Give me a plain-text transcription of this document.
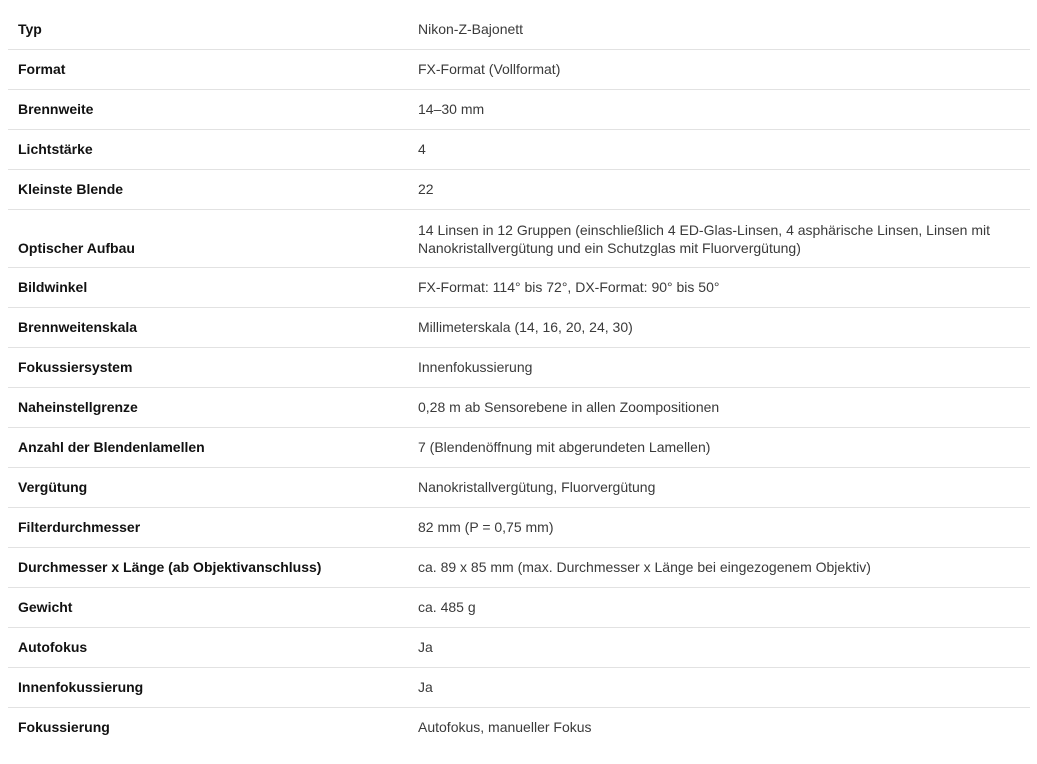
Typ	Nikon-Z-Bajonett
Format	FX-Format (Vollformat)
Brennweite	14–30 mm
Lichtstärke	4
Kleinste Blende	22
Optischer Aufbau	14 Linsen in 12 Gruppen (einschließlich 4 ED-Glas-Linsen, 4 asphärische Linsen, Linsen mit Nanokristallvergütung und ein Schutzglas mit Fluorvergütung)
Bildwinkel	FX-Format: 114° bis 72°, DX-Format: 90° bis 50°
Brennweitenskala	Millimeterskala (14, 16, 20, 24, 30)
Fokussiersystem	Innenfokussierung
Naheinstellgrenze	0,28 m ab Sensorebene in allen Zoompositionen
Anzahl der Blendenlamellen	7 (Blendenöffnung mit abgerundeten Lamellen)
Vergütung	Nanokristallvergütung, Fluorvergütung
Filterdurchmesser	82 mm (P = 0,75 mm)
Durchmesser x Länge (ab Objektivanschluss)	ca. 89 x 85 mm (max. Durchmesser x Länge bei eingezogenem Objektiv)
Gewicht	ca. 485 g
Autofokus	Ja
Innenfokussierung	Ja
Fokussierung	Autofokus, manueller Fokus
